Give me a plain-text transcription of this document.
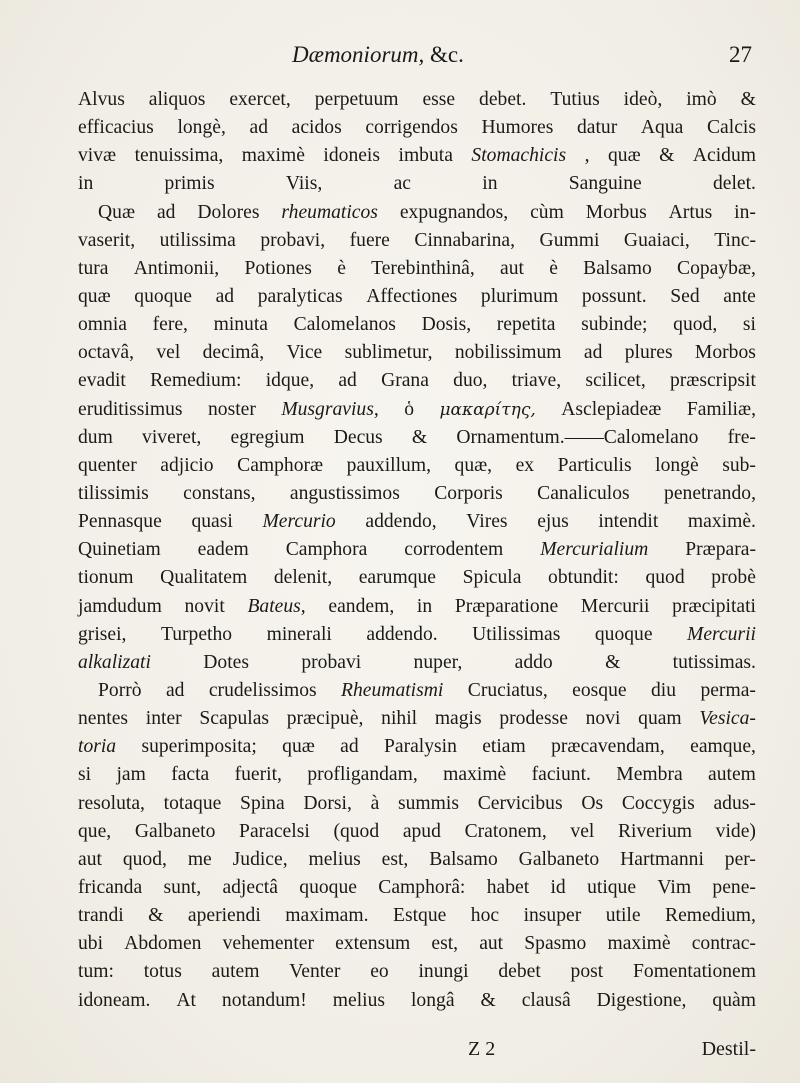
Dæmoniorum, &c.	27
Alvus aliquos exercet, perpetuum esse debet. Tutius ideò, imò &
efficacius longè, ad acidos corrigendos Humores datur Aqua Calcis
vivæ tenuissima, maximè idoneis imbuta Stomachicis , quæ & Acidum
in	primis	Viis,	ac	in	Sanguine	delet.
Quæ ad Dolores rheumaticos expugnandos, cùm Morbus Artus in-
vaserit, utilissima probavi, fuere Cinnabarina, Gummi Guaiaci, Tinc-
tura Antimonii, Potiones è Terebinthinâ, aut è Balsamo Copaybæ,
quæ quoque ad paralyticas Affectiones plurimum possunt. Sed ante
omnia fere, minuta Calomelanos Dosis, repetita subinde; quod, si
octavâ, vel decimâ, Vice sublimetur, nobilissimum ad plures Morbos
evadit Remedium: idque, ad Grana duo, triave, scilicet, præscripsit
eruditissimus noster Musgravius, ὁ μακαρίτης, Asclepiadeæ Familiæ,
dum viveret, egregium Decus & Ornamentum.——Calomelano fre-
quenter adjicio Camphoræ pauxillum, quæ, ex Particulis longè sub-
tilissimis constans, angustissimos Corporis Canaliculos penetrando,
Pennasque quasi Mercurio addendo, Vires ejus intendit maximè.
Quinetiam eadem Camphora corrodentem Mercurialium Præpara-
tionum Qualitatem delenit, earumque Spicula obtundit: quod probè
jamdudum novit Bateus, eandem, in Præparatione Mercurii præcipitati
grisei, Turpetho minerali addendo. Utilissimas quoque Mercurii
alkalizati	Dotes	probavi	nuper,	addo	&	tutissimas.
Porrò ad crudelissimos Rheumatismi Cruciatus, eosque diu perma-
nentes inter Scapulas præcipuè, nihil magis prodesse novi quam Vesica-
toria superimposita; quæ ad Paralysin etiam præcavendam, eamque,
si jam facta fuerit, profligandam, maximè faciunt. Membra autem
resoluta, totaque Spina Dorsi, à summis Cervicibus Os Coccygis adus-
que, Galbaneto Paracelsi (quod apud Cratonem, vel Riverium vide)
aut quod, me Judice, melius est, Balsamo Galbaneto Hartmanni per-
fricanda sunt, adjectâ quoque Camphorâ: habet id utique Vim pene-
trandi & aperiendi maximam. Estque hoc insuper utile Remedium,
ubi Abdomen vehementer extensum est, aut Spasmo maximè contrac-
tum: totus autem Venter eo inungi debet post Fomentationem
idoneam. At notandum! melius longâ & clausâ Digestione, quàm
Z 2	Destil-
